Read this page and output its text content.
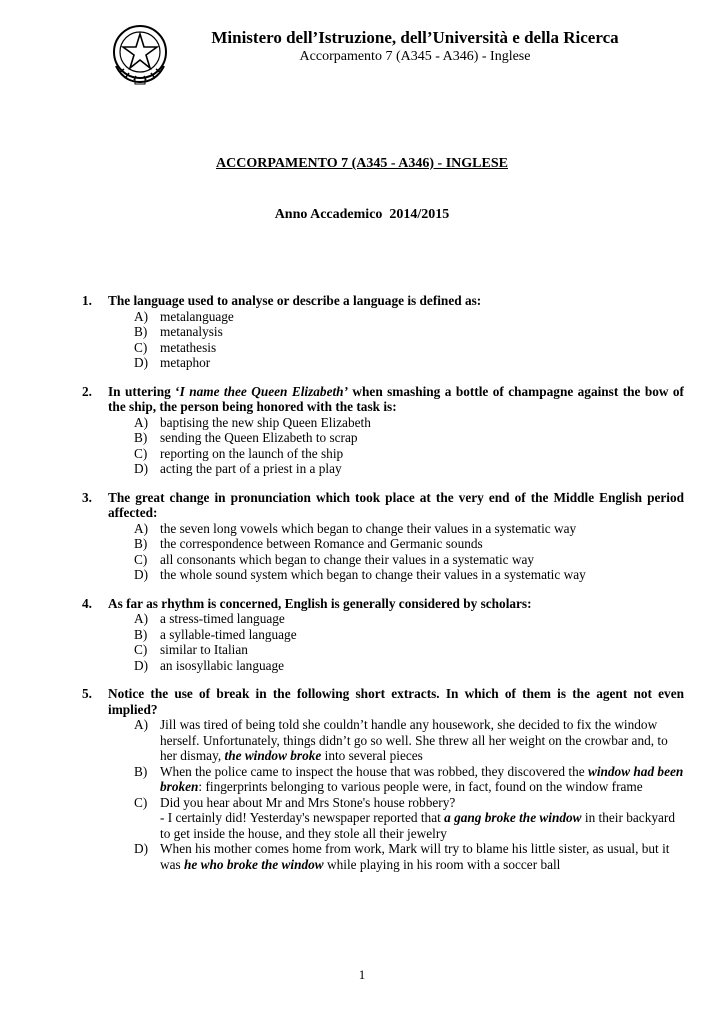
Ministero dell’Istruzione, dell’Università e della Ricerca
Accorpamento 7 (A345 - A346) - Inglese
ACCORPAMENTO 7 (A345 - A346) - INGLESE
Anno Accademico  2014/2015
1.	The language used to analyse or describe a language is defined as:
A) metalanguage
B) metanalysis
C) metathesis
D) metaphor
2.	In uttering ‘I name thee Queen Elizabeth’ when smashing a bottle of champagne against the bow of the ship, the person being honored with the task is:
A) baptising the new ship Queen Elizabeth
B) sending the Queen Elizabeth to scrap
C) reporting on the launch of the ship
D) acting the part of a priest in a play
3.	The great change in pronunciation which took place at the very end of the Middle English period affected:
A) the seven long vowels which began to change their values in a systematic way
B) the correspondence between Romance and Germanic sounds
C) all consonants which began to change their values in a systematic way
D) the whole sound system which began to change their values in a systematic way
4.	As far as rhythm is concerned, English is generally considered by scholars:
A) a stress-timed language
B) a syllable-timed language
C) similar to Italian
D) an isosyllabic language
5.	Notice the use of break in the following short extracts. In which of them is the agent not even implied?
A) Jill was tired of being told she couldn’t handle any housework, she decided to fix the window herself. Unfortunately, things didn’t go so well. She threw all her weight on the crowbar and, to her dismay, the window broke into several pieces
B) When the police came to inspect the house that was robbed, they discovered the window had been broken: fingerprints belonging to various people were, in fact, found on the window frame
C) Did you hear about Mr and Mrs Stone's house robbery?
- I certainly did! Yesterday's newspaper reported that a gang broke the window in their backyard to get inside the house, and they stole all their jewelry
D) When his mother comes home from work, Mark will try to blame his little sister, as usual, but it was he who broke the window while playing in his room with a soccer ball
1
